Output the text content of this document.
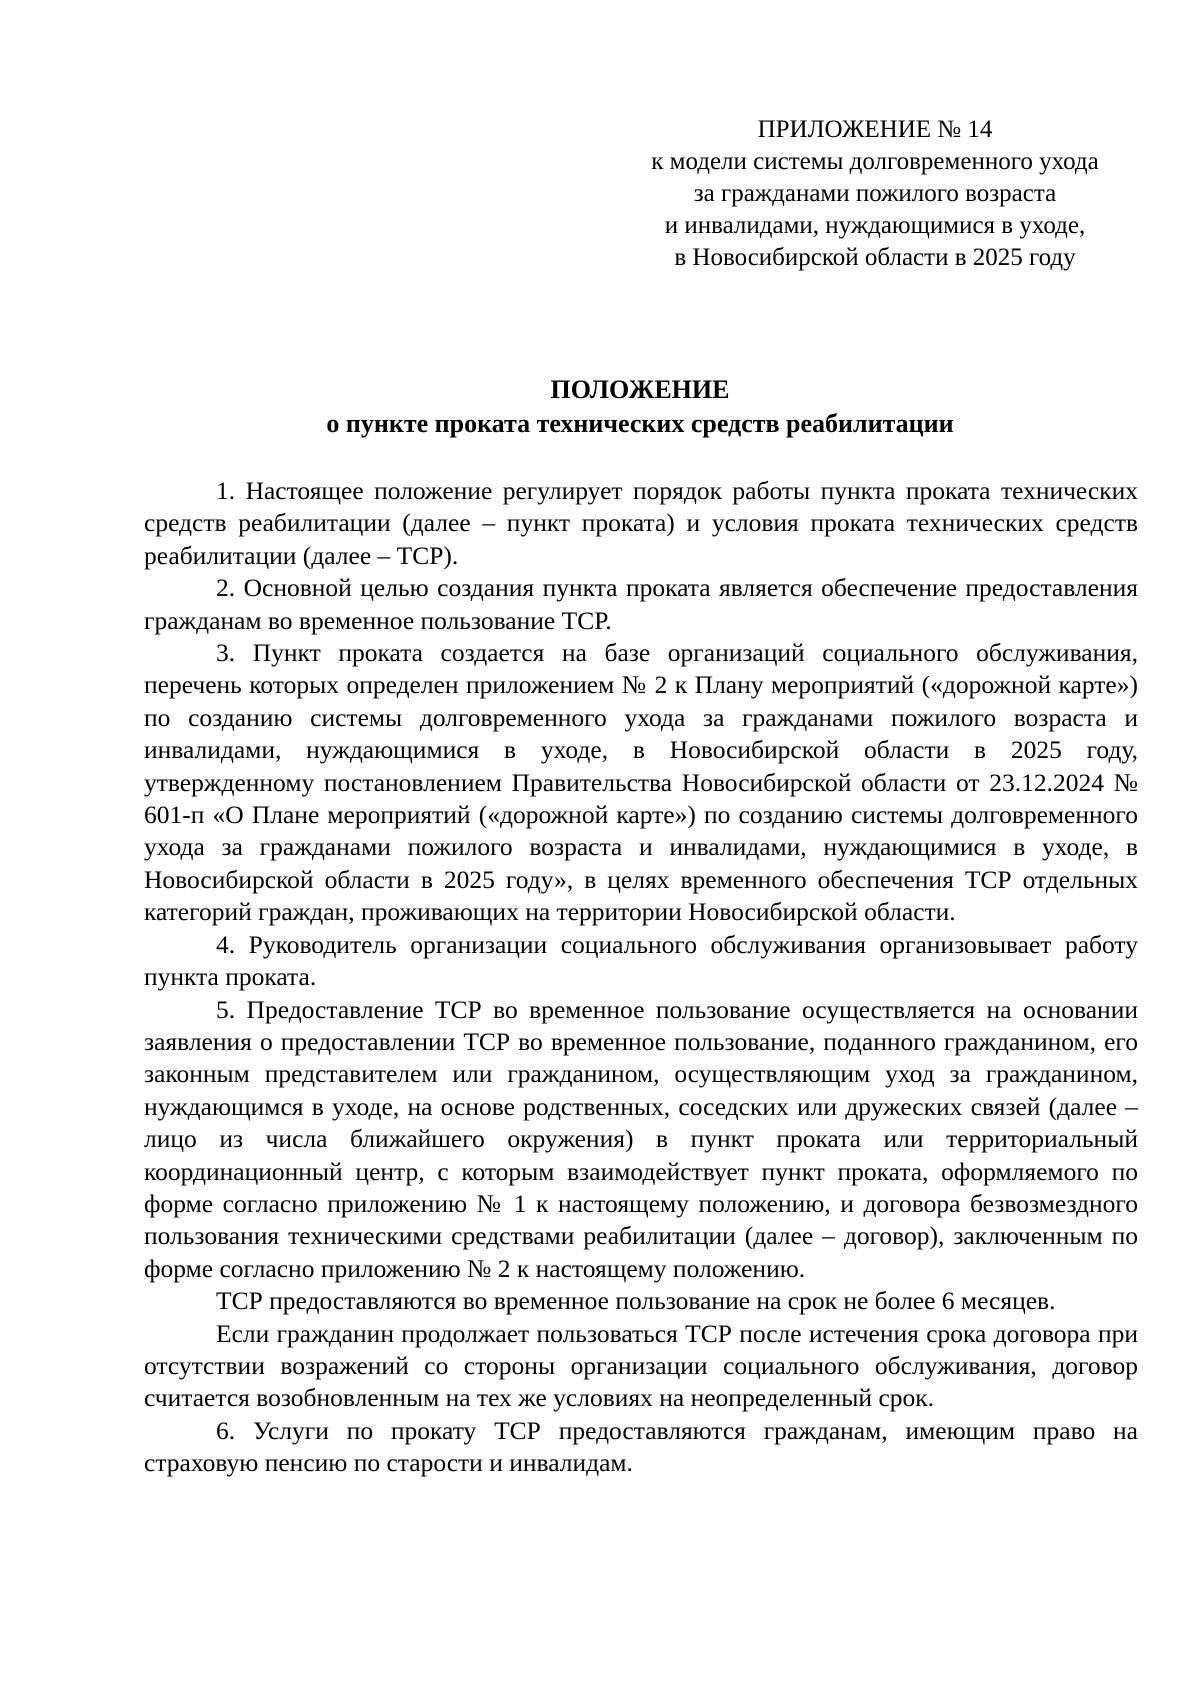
ПРИЛОЖЕНИЕ № 14
к модели системы долговременного ухода
за гражданами пожилого возраста
и инвалидами, нуждающимися в уходе,
в Новосибирской области в 2025 году
ПОЛОЖЕНИЕ
о пункте проката технических средств реабилитации

1. Настоящее положение регулирует порядок работы пункта проката технических средств реабилитации (далее – пункт проката) и условия проката технических средств реабилитации (далее – ТСР).

2. Основной целью создания пункта проката является обеспечение предоставления гражданам во временное пользование ТСР.

3. Пункт проката создается на базе организаций социального обслуживания, перечень которых определен приложением № 2 к Плану мероприятий («дорожной карте») по созданию системы долговременного ухода за гражданами пожилого возраста и инвалидами, нуждающимися в уходе, в Новосибирской области в 2025 году, утвержденному постановлением Правительства Новосибирской области от 23.12.2024 № 601-п «О Плане мероприятий («дорожной карте») по созданию системы долговременного ухода за гражданами пожилого возраста и инвалидами, нуждающимися в уходе, в Новосибирской области в 2025 году», в целях временного обеспечения ТСР отдельных категорий граждан, проживающих на территории Новосибирской области.

4. Руководитель организации социального обслуживания организовывает работу пункта проката.

5. Предоставление ТСР во временное пользование осуществляется на основании заявления о предоставлении ТСР во временное пользование, поданного гражданином, его законным представителем или гражданином, осуществляющим уход за гражданином, нуждающимся в уходе, на основе родственных, соседских или дружеских связей (далее – лицо из числа ближайшего окружения) в пункт проката или территориальный координационный центр, с которым взаимодействует пункт проката, оформляемого по форме согласно приложению № 1 к настоящему положению, и договора безвозмездного пользования техническими средствами реабилитации (далее – договор), заключенным по форме согласно приложению № 2 к настоящему положению.

ТСР предоставляются во временное пользование на срок не более 6 месяцев.

Если гражданин продолжает пользоваться ТСР после истечения срока договора при отсутствии возражений со стороны организации социального обслуживания, договор считается возобновленным на тех же условиях на неопределенный срок.

6. Услуги по прокату ТСР предоставляются гражданам, имеющим право на страховую пенсию по старости и инвалидам.
